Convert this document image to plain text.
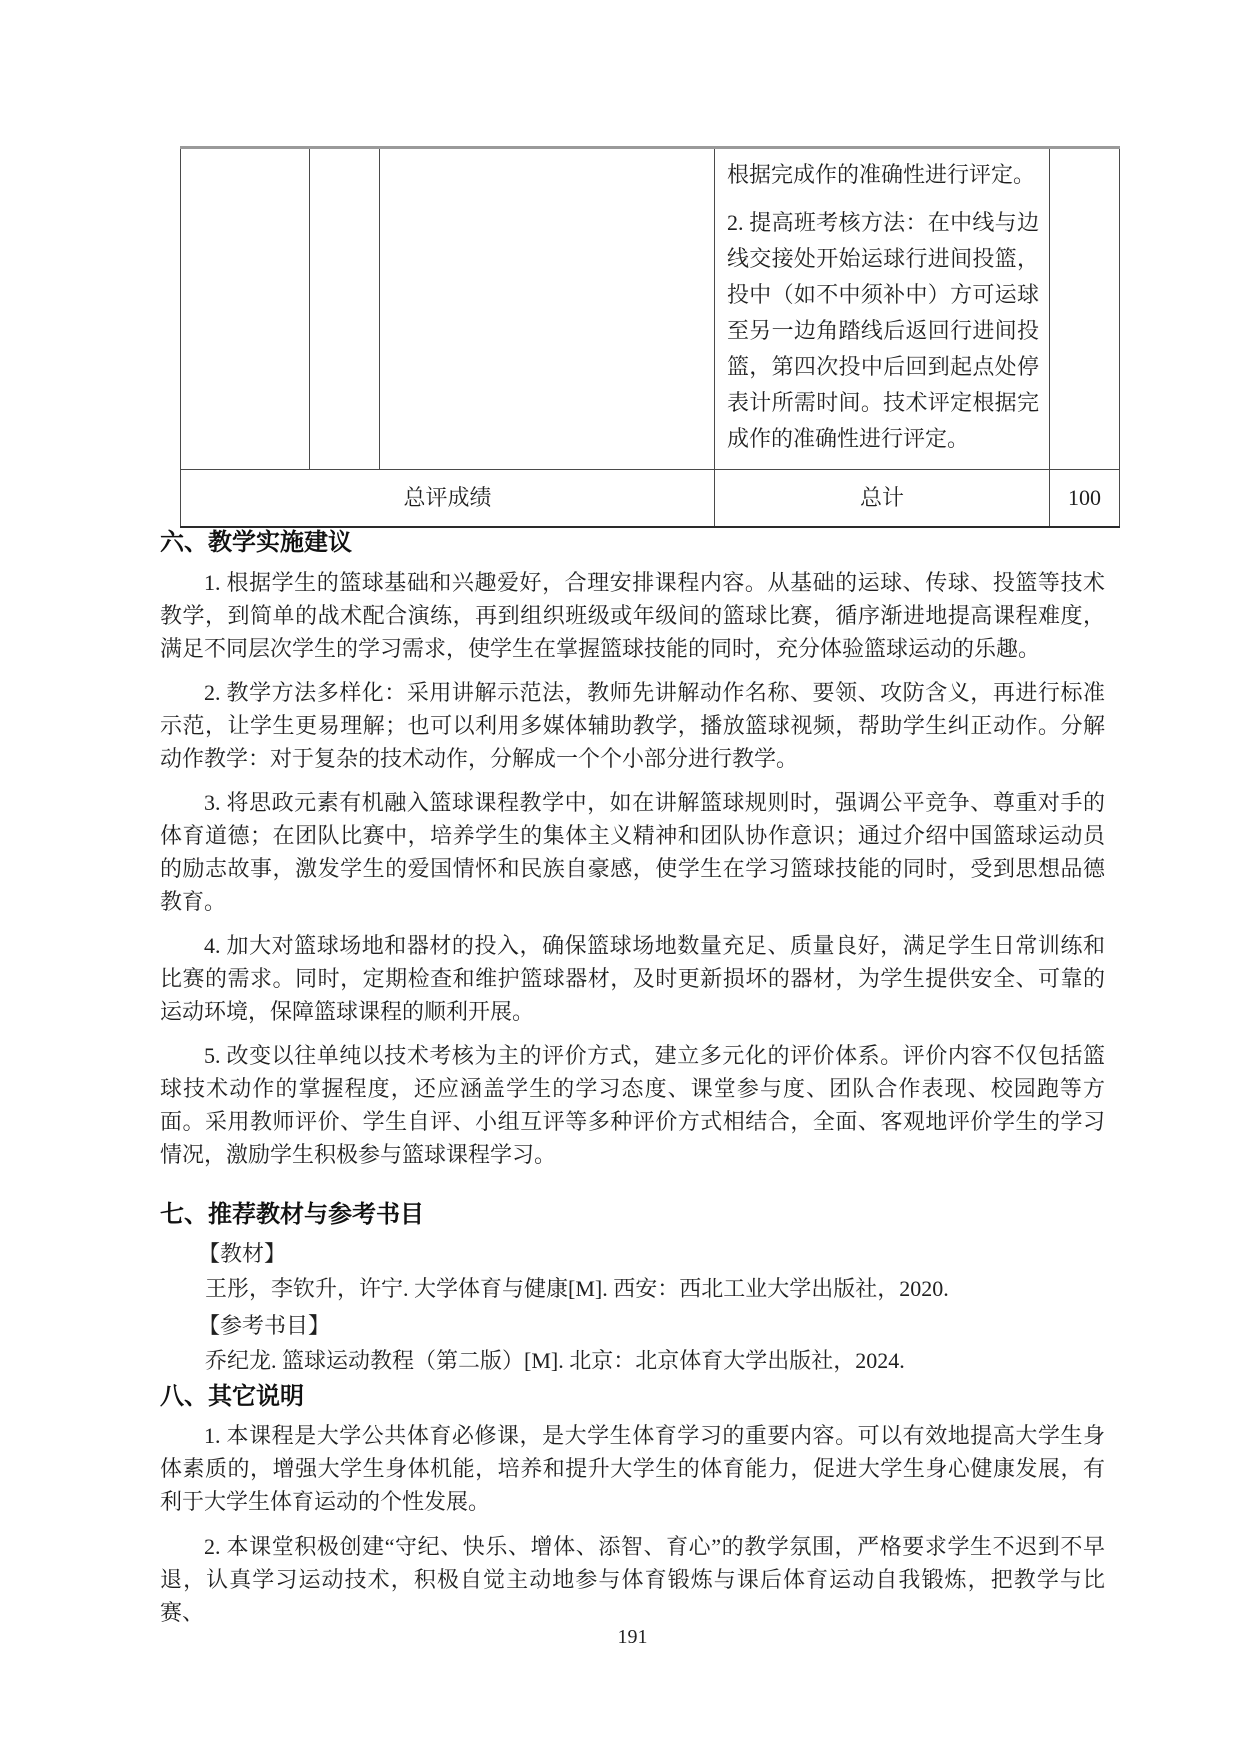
			根据完成作的准确性进行评定。

2. 提高班考核方法：在中线与边线交接处开始运球行进间投篮，投中（如不中须补中）方可运球至另一边角踏线后返回行进间投篮，第四次投中后回到起点处停表计所需时间。技术评定根据完成作的准确性进行评定。	

总评成绩			总计	100
六、教学实施建议

1. 根据学生的篮球基础和兴趣爱好，合理安排课程内容。从基础的运球、传球、投篮等技术教学，到简单的战术配合演练，再到组织班级或年级间的篮球比赛，循序渐进地提高课程难度，满足不同层次学生的学习需求，使学生在掌握篮球技能的同时，充分体验篮球运动的乐趣。

2. 教学方法多样化：采用讲解示范法，教师先讲解动作名称、要领、攻防含义，再进行标准示范，让学生更易理解；也可以利用多媒体辅助教学，播放篮球视频，帮助学生纠正动作。分解动作教学：对于复杂的技术动作，分解成一个个小部分进行教学。

3. 将思政元素有机融入篮球课程教学中，如在讲解篮球规则时，强调公平竞争、尊重对手的体育道德；在团队比赛中，培养学生的集体主义精神和团队协作意识；通过介绍中国篮球运动员的励志故事，激发学生的爱国情怀和民族自豪感，使学生在学习篮球技能的同时，受到思想品德教育。

4. 加大对篮球场地和器材的投入，确保篮球场地数量充足、质量良好，满足学生日常训练和比赛的需求。同时，定期检查和维护篮球器材，及时更新损坏的器材，为学生提供安全、可靠的运动环境，保障篮球课程的顺利开展。

5. 改变以往单纯以技术考核为主的评价方式，建立多元化的评价体系。评价内容不仅包括篮球技术动作的掌握程度，还应涵盖学生的学习态度、课堂参与度、团队合作表现、校园跑等方面。采用教师评价、学生自评、小组互评等多种评价方式相结合，全面、客观地评价学生的学习情况，激励学生积极参与篮球课程学习。

七、推荐教材与参考书目

【教材】

王彤，李钦升，许宁. 大学体育与健康[M]. 西安：西北工业大学出版社，2020.

【参考书目】

乔纪龙. 篮球运动教程（第二版）[M]. 北京：北京体育大学出版社，2024.

八、其它说明

1. 本课程是大学公共体育必修课，是大学生体育学习的重要内容。可以有效地提高大学生身体素质的，增强大学生身体机能，培养和提升大学生的体育能力，促进大学生身心健康发展，有利于大学生体育运动的个性发展。

2. 本课堂积极创建“守纪、快乐、增体、添智、育心”的教学氛围，严格要求学生不迟到不早退，认真学习运动技术，积极自觉主动地参与体育锻炼与课后体育运动自我锻炼，把教学与比赛、

191
